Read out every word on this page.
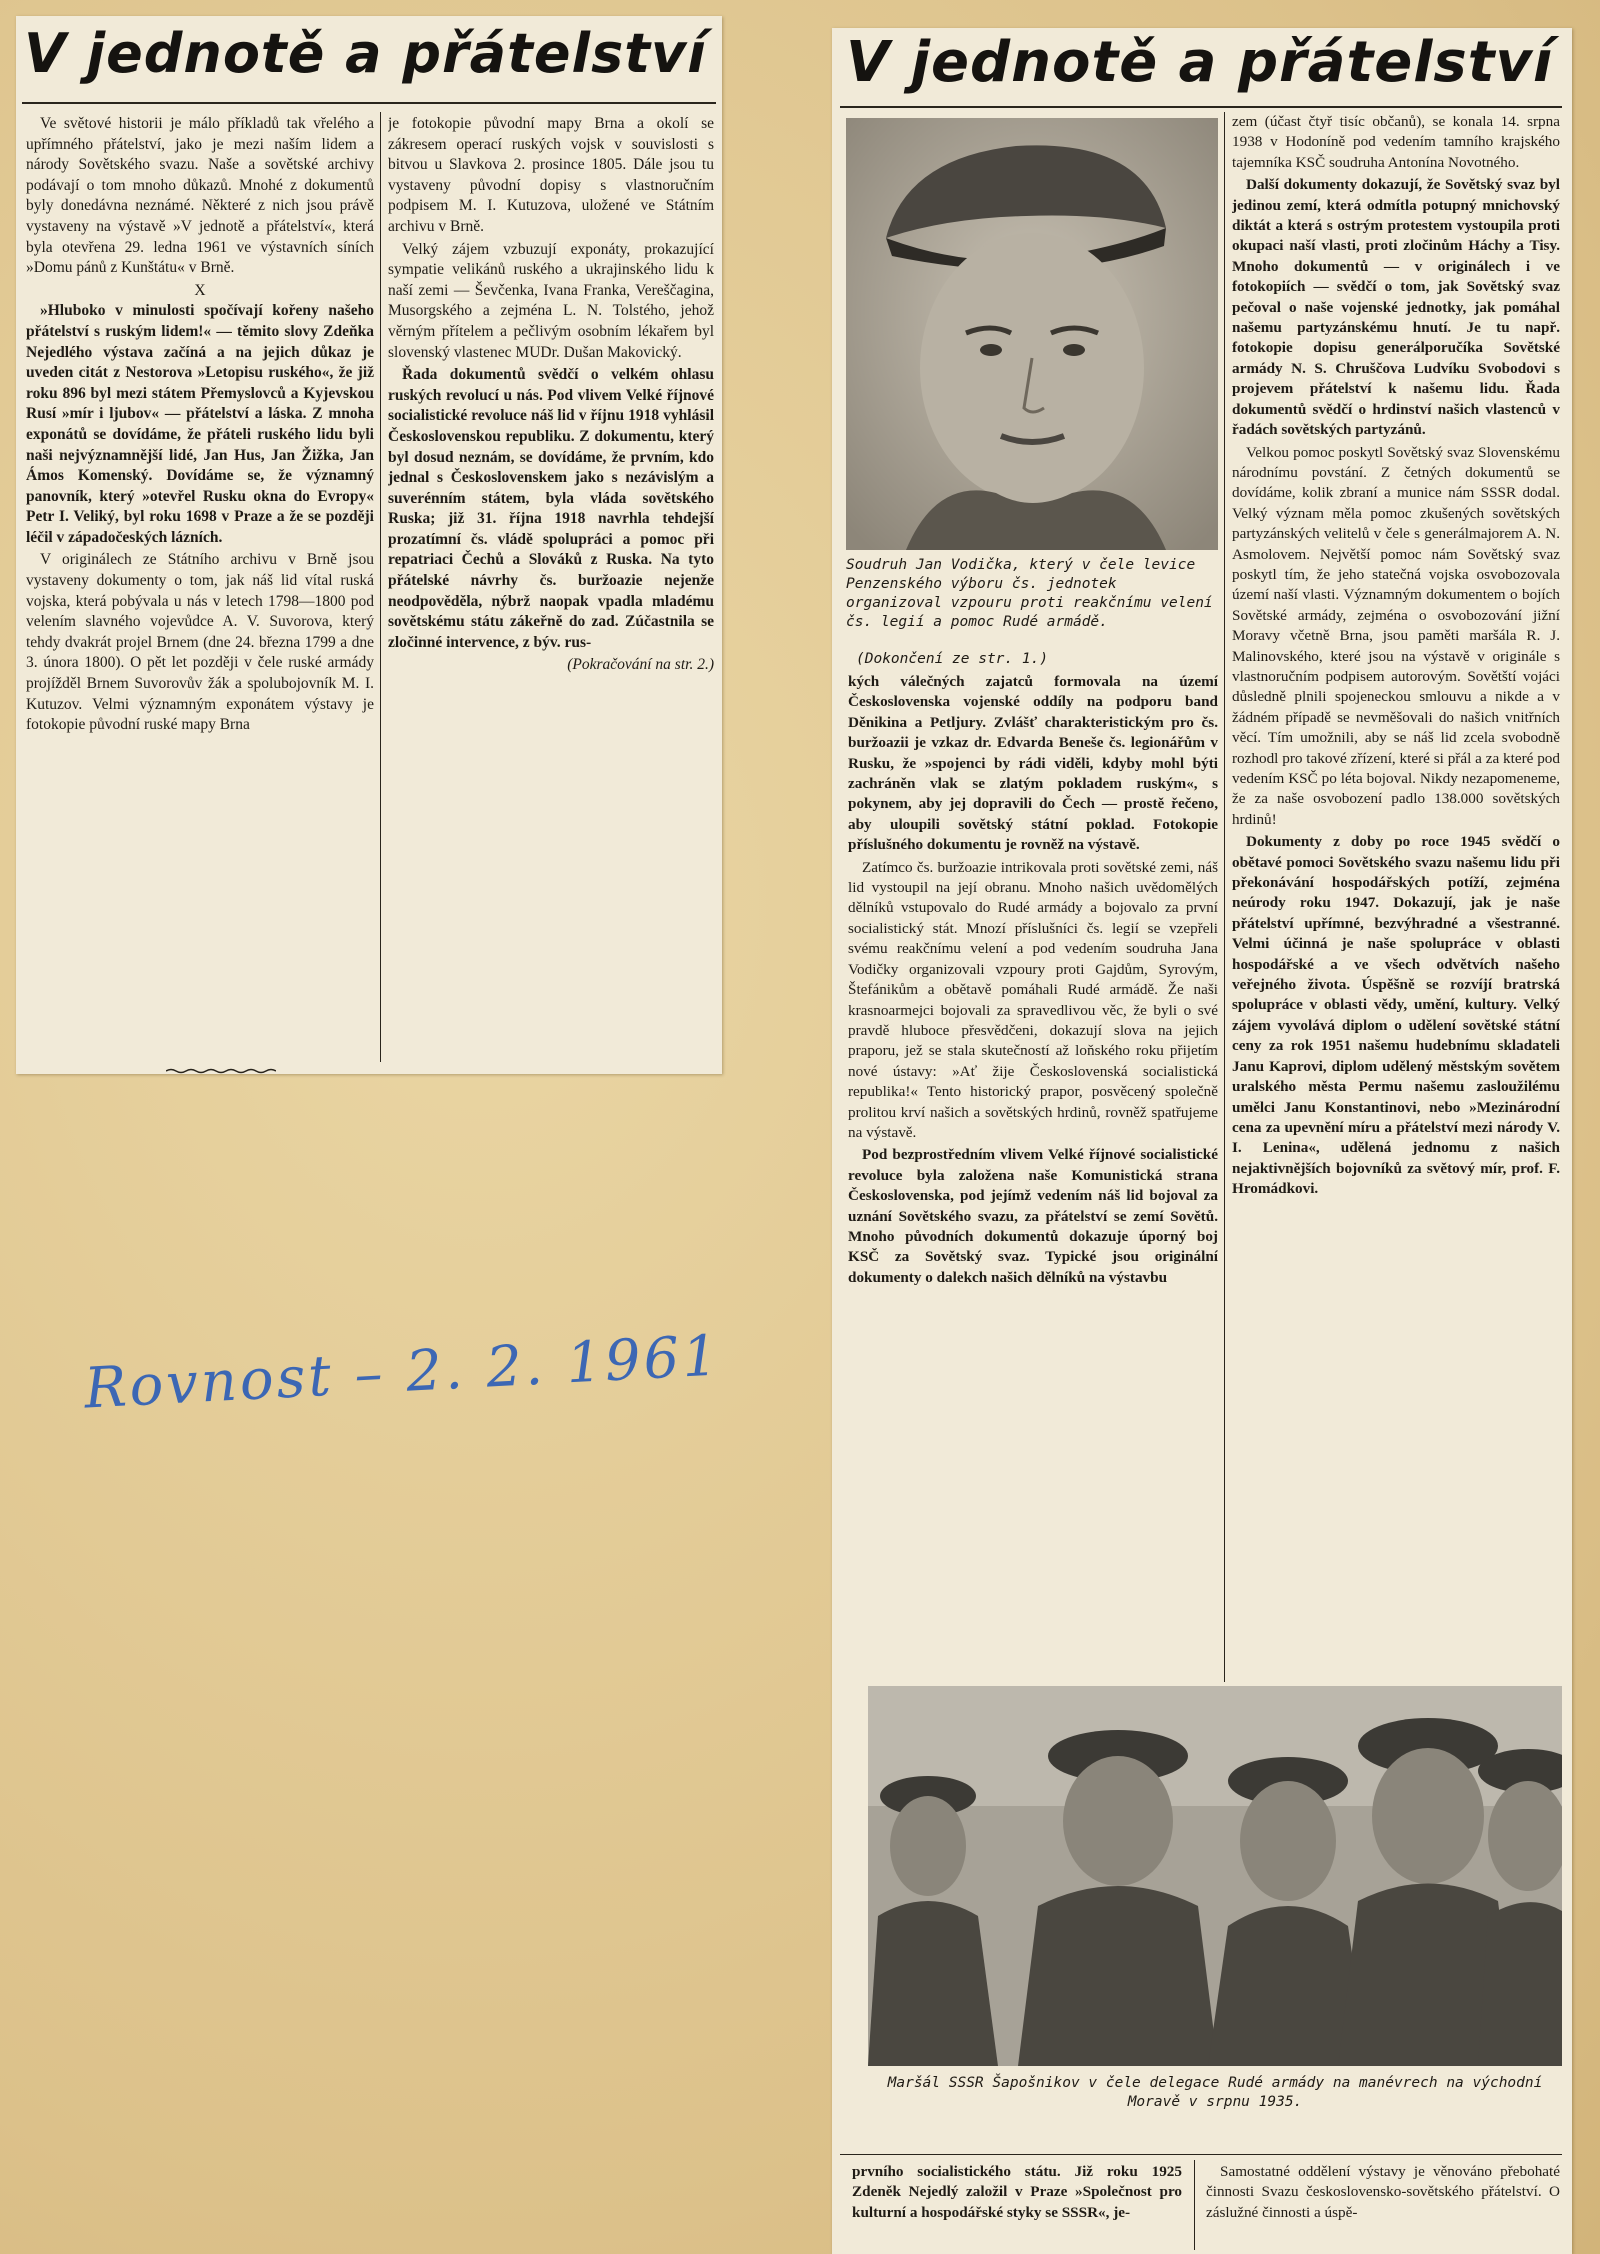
V jednotě a přátelství

Ve světové historii je málo příkladů tak vřelého a upřímného přátelství, jako je mezi naším lidem a národy Sovětského svazu. Naše a sovětské archivy podávají o tom mnoho důkazů. Mnohé z dokumentů byly donedávna neznámé. Některé z nich jsou právě vystaveny na výstavě »V jednotě a přátelství«, která byla otevřena 29. ledna 1961 ve výstavních síních »Domu pánů z Kunštátu« v Brně.

X

»Hluboko v minulosti spočívají kořeny našeho přátelství s ruským lidem!« — těmito slovy Zdeňka Nejedlého výstava začíná a na jejich důkaz je uveden citát z Nestorova »Letopisu ruského«, že již roku 896 byl mezi státem Přemyslovců a Kyjevskou Rusí »mír i ljubov« — přátelství a láska. Z mnoha exponátů se dovídáme, že přáteli ruského lidu byli naši nejvýznamnější lidé, Jan Hus, Jan Žižka, Jan Ámos Komenský. Dovídáme se, že významný panovník, který »otevřel Rusku okna do Evropy« Petr I. Veliký, byl roku 1698 v Praze a že se později léčil v západočeských lázních.

V originálech ze Státního archivu v Brně jsou vystaveny dokumenty o tom, jak náš lid vítal ruská vojska, která pobývala u nás v letech 1798—1800 pod velením slavného vojevůdce A. V. Suvorova, který tehdy dvakrát projel Brnem (dne 24. března 1799 a dne 3. února 1800). O pět let později v čele ruské armády projížděl Brnem Suvorovův žák a spolubojovník M. I. Kutuzov. Velmi významným exponátem výstavy je fotokopie původní ruské mapy Brna

je fotokopie původní mapy Brna a okolí se zákresem operací ruských vojsk v souvislosti s bitvou u Slavkova 2. prosince 1805. Dále jsou tu vystaveny původní dopisy s vlastnoručním podpisem M. I. Kutuzova, uložené ve Státním archivu v Brně.

Velký zájem vzbuzují exponáty, prokazující sympatie velikánů ruského a ukrajinského lidu k naší zemi — Ševčenka, Ivana Franka, Vereščagina, Musorgského a zejména L. N. Tolstého, jehož věrným přítelem a pečlivým osobním lékařem byl slovenský vlastenec MUDr. Dušan Makovický.

Řada dokumentů svědčí o velkém ohlasu ruských revolucí u nás. Pod vlivem Velké říjnové socialistické revoluce náš lid v říjnu 1918 vyhlásil Československou republiku. Z dokumentu, který byl dosud neznám, se dovídáme, že prvním, kdo jednal s Československem jako s nezávislým a suverénním státem, byla vláda sovětského Ruska; již 31. října 1918 navrhla tehdejší prozatímní čs. vládě spolupráci a pomoc při repatriaci Čechů a Slováků z Ruska. Na tyto přátelské návrhy čs. buržoazie nejenže neodpověděla, nýbrž naopak vpadla mladému sovětskému státu zákeřně do zad. Zúčastnila se zločinné intervence, z býv. rus-

(Pokračování na str. 2.)

Rovnost – 2. 2. 1961
V jednotě a přátelství
Soudruh Jan Vodička, který v čele levice Penzenského výboru čs. jednotek organizoval vzpouru proti reakčnímu velení čs. legií a pomoc Rudé armádě.
(Dokončení ze str. 1.)

kých válečných zajatců formovala na území Československa vojenské oddíly na podporu band Děnikina a Petljury. Zvlášť charakteristickým pro čs. buržoazii je vzkaz dr. Edvarda Beneše čs. legionářům v Rusku, že »spojenci by rádi viděli, kdyby mohl býti zachráněn vlak se zlatým pokladem ruským«, s pokynem, aby jej dopravili do Čech — prostě řečeno, aby uloupili sovětský státní poklad. Fotokopie příslušného dokumentu je rovněž na výstavě.

Zatímco čs. buržoazie intrikovala proti sovětské zemi, náš lid vystoupil na její obranu. Mnoho našich uvědomělých dělníků vstupovalo do Rudé armády a bojovalo za první socialistický stát. Mnozí příslušníci čs. legií se vzepřeli svému reakčnímu velení a pod vedením soudruha Jana Vodičky organizovali vzpoury proti Gajdům, Syrovým, Štefánikům a obětavě pomáhali Rudé armádě. Že naši krasnoarmejci bojovali za spravedlivou věc, že byli o své pravdě hluboce přesvědčeni, dokazují slova na jejich praporu, jež se stala skutečností až loňského roku přijetím nové ústavy: »Ať žije Československá socialistická republika!« Tento historický prapor, posvěcený společně prolitou krví našich a sovětských hrdinů, rovněž spatřujeme na výstavě.

Pod bezprostředním vlivem Velké říjnové socialistické revoluce byla založena naše Komunistická strana Československa, pod jejímž vedením náš lid bojoval za uznání Sovětského svazu, za přátelství se zemí Sovětů. Mnoho původních dokumentů dokazuje úporný boj KSČ za Sovětský svaz. Typické jsou originální dokumenty o dalekch našich dělníků na výstavbu

zem (účast čtyř tisíc občanů), se konala 14. srpna 1938 v Hodoníně pod vedením tamního krajského tajemníka KSČ soudruha Antonína Novotného.

Další dokumenty dokazují, že Sovětský svaz byl jedinou zemí, která odmítla potupný mnichovský diktát a která s ostrým protestem vystoupila proti okupaci naší vlasti, proti zločinům Háchy a Tisy. Mnoho dokumentů — v originálech i ve fotokopiích — svědčí o tom, jak Sovětský svaz pečoval o naše vojenské jednotky, jak pomáhal našemu partyzánskému hnutí. Je tu např. fotokopie dopisu generálporučíka Sovětské armády N. S. Chruščova Ludvíku Svobodovi s projevem přátelství k našemu lidu. Řada dokumentů svědčí o hrdinství našich vlastenců v řadách sovětských partyzánů.

Velkou pomoc poskytl Sovětský svaz Slovenskému národnímu povstání. Z četných dokumentů se dovídáme, kolik zbraní a munice nám SSSR dodal. Velký význam měla pomoc zkušených sovětských partyzánských velitelů v čele s generálmajorem A. N. Asmolovem. Největší pomoc nám Sovětský svaz poskytl tím, že jeho statečná vojska osvobozovala území naší vlasti. Významným dokumentem o bojích Sovětské armády, zejména o osvobozování jižní Moravy včetně Brna, jsou paměti maršála R. J. Malinovského, které jsou na výstavě v originále s vlastnoručním podpisem autorovým. Sovětští vojáci důsledně plnili spojeneckou smlouvu a nikde a v žádném případě se nevměšovali do našich vnitřních věcí. Tím umožnili, aby se náš lid zcela svobodně rozhodl pro takové zřízení, které si přál a za které pod vedením KSČ po léta bojoval. Nikdy nezapomeneme, že za naše osvobození padlo 138.000 sovětských hrdinů!

Dokumenty z doby po roce 1945 svědčí o obětavé pomoci Sovětského svazu našemu lidu při překonávání hospodářských potíží, zejména neúrody roku 1947. Dokazují, jak je naše přátelství upřímné, bezvýhradné a všestranné. Velmi účinná je naše spolupráce v oblasti hospodářské a ve všech odvětvích našeho veřejného života. Úspěšně se rozvíjí bratrská spolupráce v oblasti vědy, umění, kultury. Velký zájem vyvolává diplom o udělení sovětské státní ceny za rok 1951 našemu hudebnímu skladateli Janu Kaprovi, diplom udělený městským sovětem uralského města Permu našemu zasloužilému umělci Janu Konstantinovi, nebo »Mezinárodní cena za upevnění míru a přátelství mezi národy V. I. Lenina«, udělená jednomu z našich nejaktivnějších bojovníků za světový mír, prof. F. Hromádkovi.

Maršál SSSR Šapošnikov v čele delegace Rudé armády na manévrech na východní Moravě v srpnu 1935.

prvního socialistického státu. Již roku 1925 Zdeněk Nejedlý založil v Praze »Společnost pro kulturní a hospodářské styky se SSSR«, je-

Samostatné oddělení výstavy je věnováno přebohaté činnosti Svazu československo-sovětského přátelství. O záslužné činnosti a úspě-
